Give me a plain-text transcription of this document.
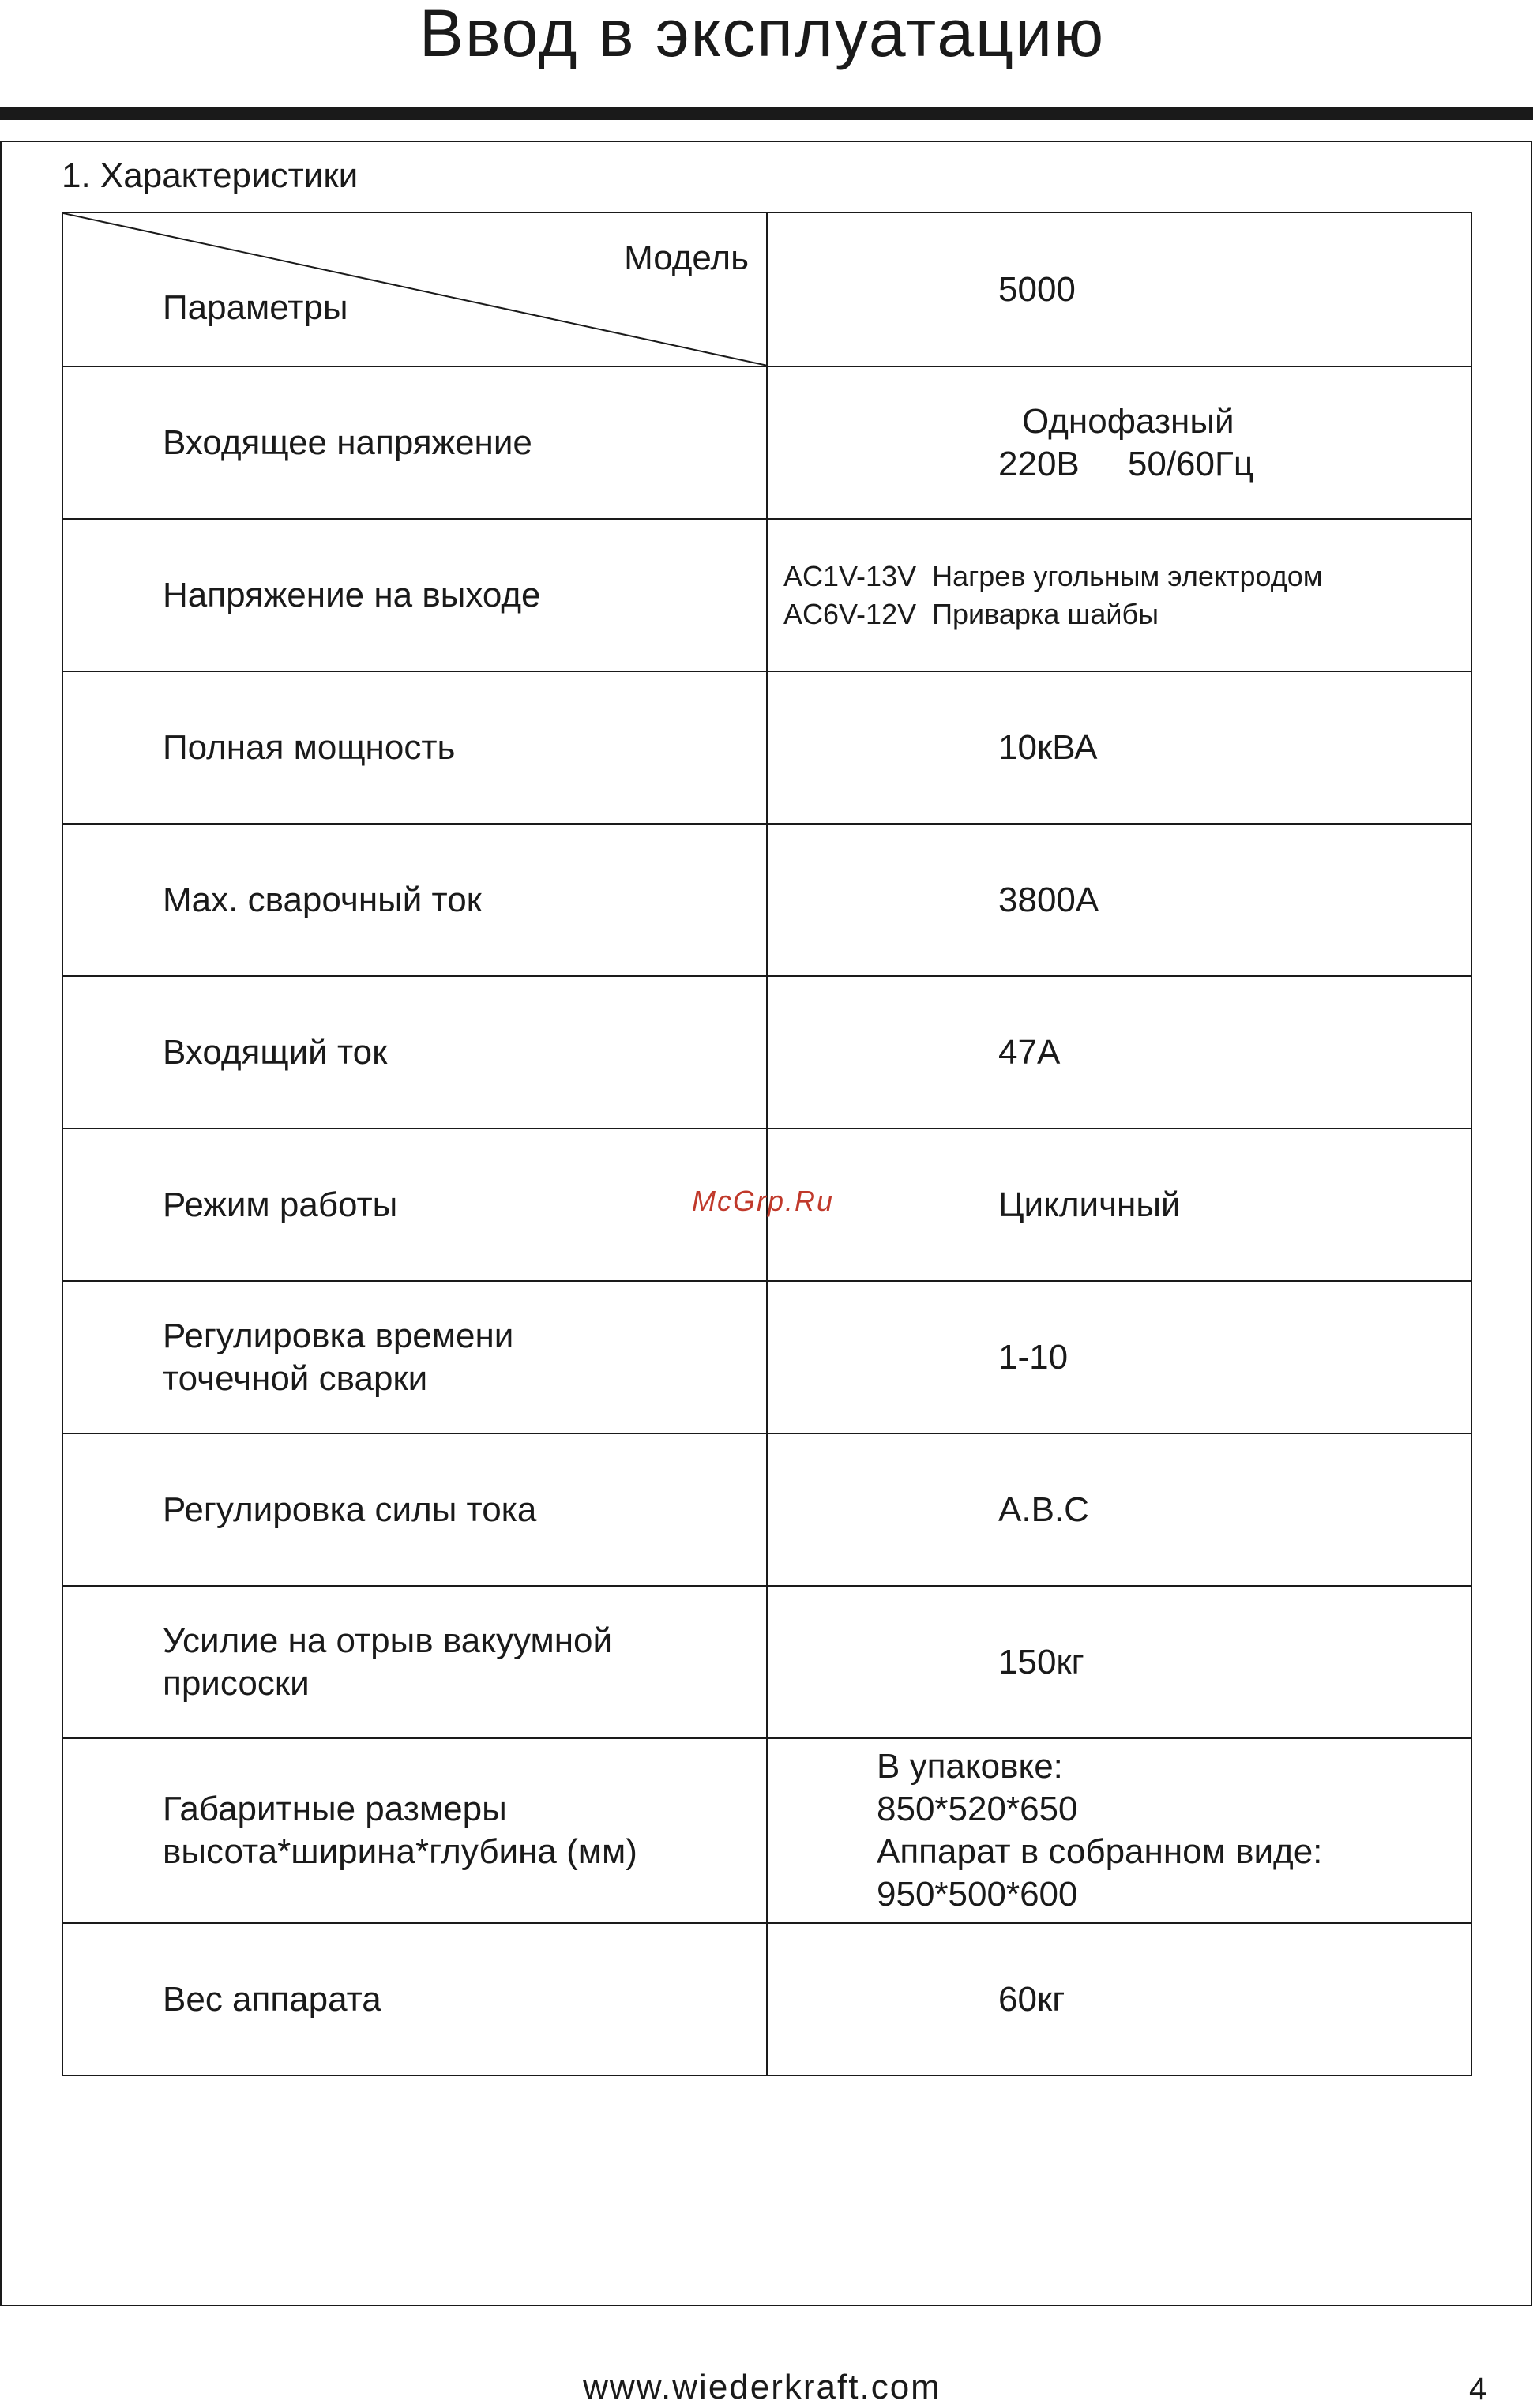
Ввод в эксплуатацию
1. Характеристики
Модель
Параметры	5000

Входящее напряжение	Однофазный
220В     50/60Гц

Напряжение на выходе	AC1V-13V  Нагрев угольным электродом
AC6V-12V  Приварка шайбы

Полная мощность	10кВА

Max. сварочный ток	3800А

Входящий ток	47А

Режим работы	Цикличный

Регулировка времени
точечной сварки	1-10

Регулировка силы тока	A.B.C

Усилие на отрыв вакуумной
присоски	150кг

Габаритные размеры
высота*ширина*глубина (мм)	В упаковке:
850*520*650
Аппарат в собранном виде:
950*500*600

Вес аппарата	60кг
McGrp.Ru
www.wiederkraft.com	4
